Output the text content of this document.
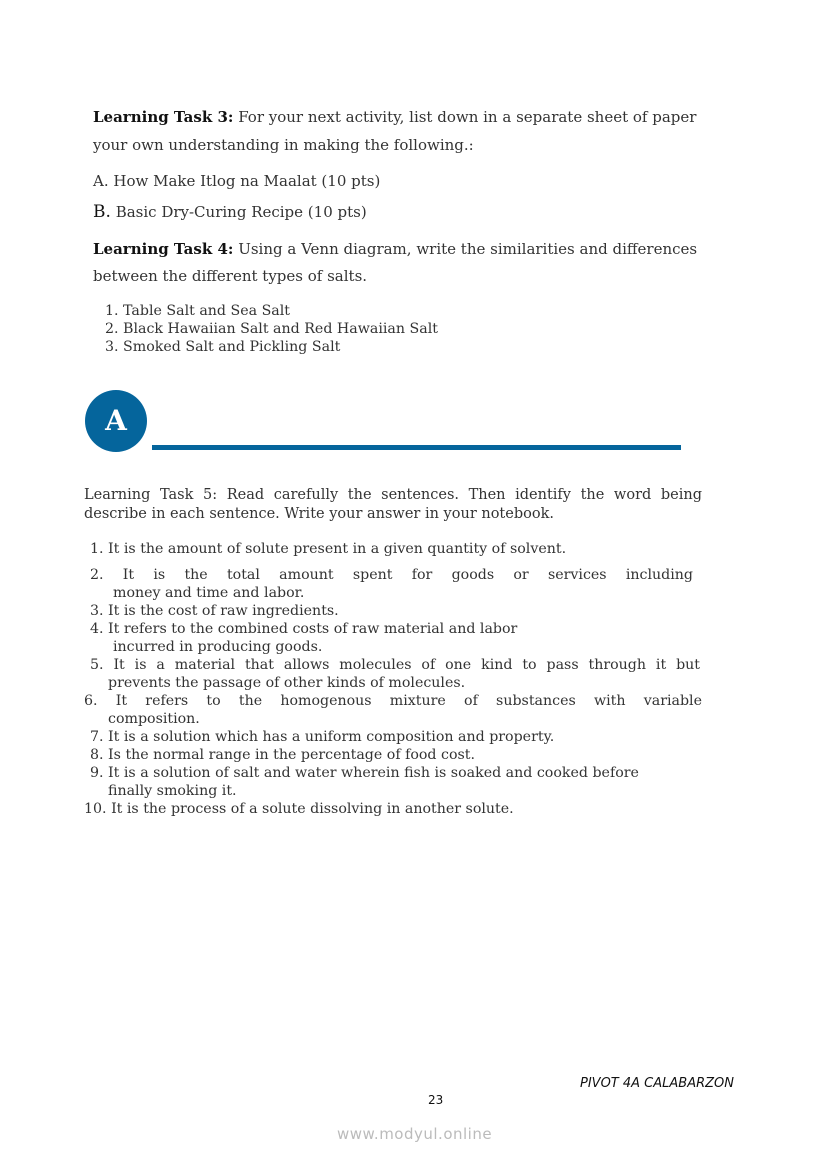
Learning Task 3: For your next activity, list down in a separate sheet of paper
your own understanding in making the following.:
A. How Make Itlog na Maalat (10 pts)
B. Basic Dry-Curing Recipe (10 pts)
Learning Task 4: Using a Venn diagram, write the similarities and differences
between the different types of salts.
1. Table Salt and Sea Salt
2. Black Hawaiian Salt and Red Hawaiian Salt
3. Smoked Salt and Pickling Salt
A
Learning Task 5: Read carefully the sentences. Then identify the word being
describe in each sentence. Write your answer in your notebook.
1. It is the amount of solute present in a given quantity of solvent.
2. It is the total amount spent for goods or services including
money and time and labor.
3. It is the cost of raw ingredients.
4. It refers to the combined costs of raw material and labor
incurred in producing goods.
5. It is a material that allows molecules of one kind to pass through it but
prevents the passage of other kinds of molecules.
6. It refers to the homogenous mixture of substances with variable
composition.
7. It is a solution which has a uniform composition and property.
8. Is the normal range in the percentage of food cost.
9. It is a solution of salt and water wherein fish is soaked and cooked before
finally smoking it.
10. It is the process of a solute dissolving in another solute.
PIVOT 4A CALABARZON
23
www.modyul.online
